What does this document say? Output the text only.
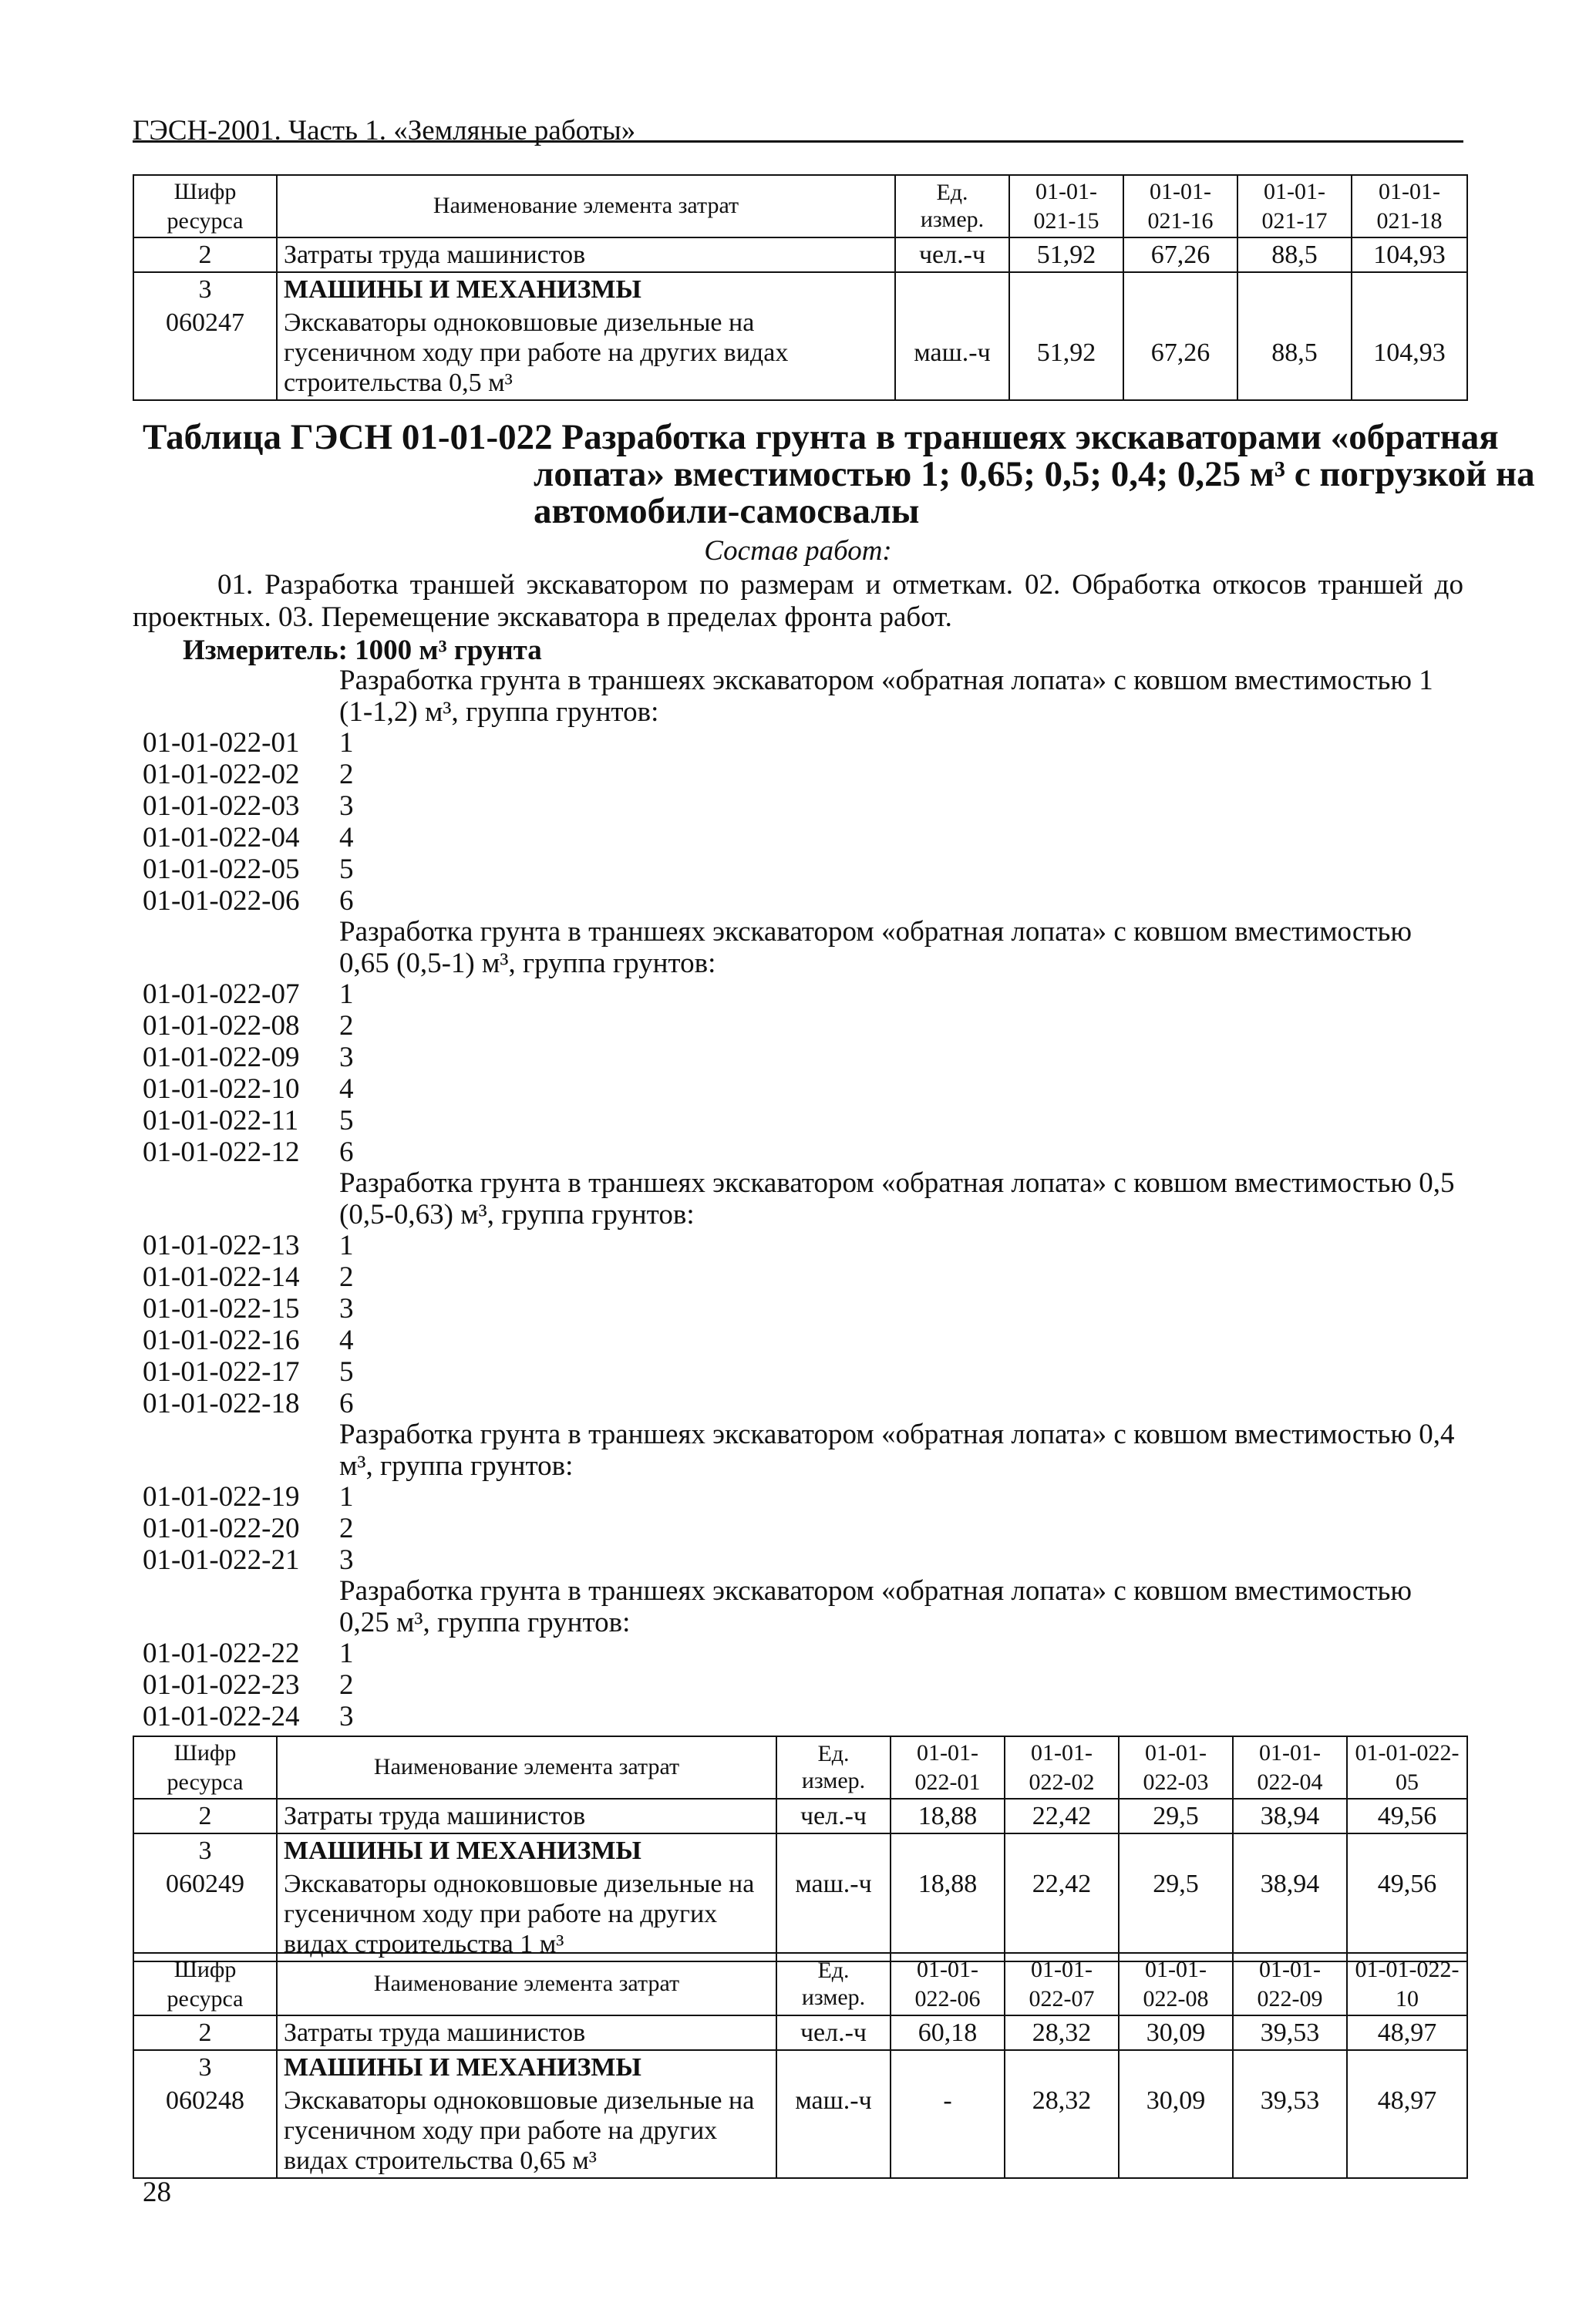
ГЭСН-2001. Часть 1. «Земляные работы»
Шифр ресурса	Наименование элемента затрат	Ед. измер.	01-01-021-15	01-01-021-16	01-01-021-17	01-01-021-18
2	Затраты труда машинистов	чел.-ч	51,92	67,26	88,5	104,93
3	МАШИНЫ И МЕХАНИЗМЫ					
060247	Экскаваторы одноковшовые дизельные на гусеничном ходу при работе на других видах строительства 0,5 м³	маш.-ч	51,92	67,26	88,5	104,93
Таблица ГЭСН 01-01-022 Разработка грунта в траншеях экскаваторами «обратная
лопата» вместимостью 1; 0,65; 0,5; 0,4; 0,25 м³ с погрузкой на
автомобили-самосвалы
Состав работ:
01. Разработка траншей экскаватором по размерам и отметкам. 02. Обработка откосов траншей до проектных. 03. Перемещение экскаватора в пределах фронта работ.
Измеритель: 1000 м³ грунта
Разработка грунта в траншеях экскаватором «обратная лопата» с ковшом вместимостью 1 (1-1,2) м³, группа грунтов:
01-01-022-01 1
01-01-022-02 2
01-01-022-03 3
01-01-022-04 4
01-01-022-05 5
01-01-022-06 6
Разработка грунта в траншеях экскаватором «обратная лопата» с ковшом вместимостью 0,65 (0,5-1) м³, группа грунтов:
01-01-022-07 1
01-01-022-08 2
01-01-022-09 3
01-01-022-10 4
01-01-022-11 5
01-01-022-12 6
Разработка грунта в траншеях экскаватором «обратная лопата» с ковшом вместимостью 0,5 (0,5-0,63) м³, группа грунтов:
01-01-022-13 1
01-01-022-14 2
01-01-022-15 3
01-01-022-16 4
01-01-022-17 5
01-01-022-18 6
Разработка грунта в траншеях экскаватором «обратная лопата» с ковшом вместимостью 0,4 м³, группа грунтов:
01-01-022-19 1
01-01-022-20 2
01-01-022-21 3
Разработка грунта в траншеях экскаватором «обратная лопата» с ковшом вместимостью 0,25 м³, группа грунтов:
01-01-022-22 1
01-01-022-23 2
01-01-022-24 3
Шифр ресурса	Наименование элемента затрат	Ед. измер.	01-01-022-01	01-01-022-02	01-01-022-03	01-01-022-04	01-01-022-05
2	Затраты труда машинистов	чел.-ч	18,88	22,42	29,5	38,94	49,56
3	МАШИНЫ И МЕХАНИЗМЫ						
060249	Экскаваторы одноковшовые дизельные на гусеничном ходу при работе на других видах строительства 1 м³	маш.-ч	18,88	22,42	29,5	38,94	49,56
Шифр ресурса	Наименование элемента затрат	Ед. измер.	01-01-022-06	01-01-022-07	01-01-022-08	01-01-022-09	01-01-022-10
2	Затраты труда машинистов	чел.-ч	60,18	28,32	30,09	39,53	48,97
3	МАШИНЫ И МЕХАНИЗМЫ						
060248	Экскаваторы одноковшовые дизельные на гусеничном ходу при работе на других видах строительства 0,65 м³	маш.-ч	-	28,32	30,09	39,53	48,97
28
